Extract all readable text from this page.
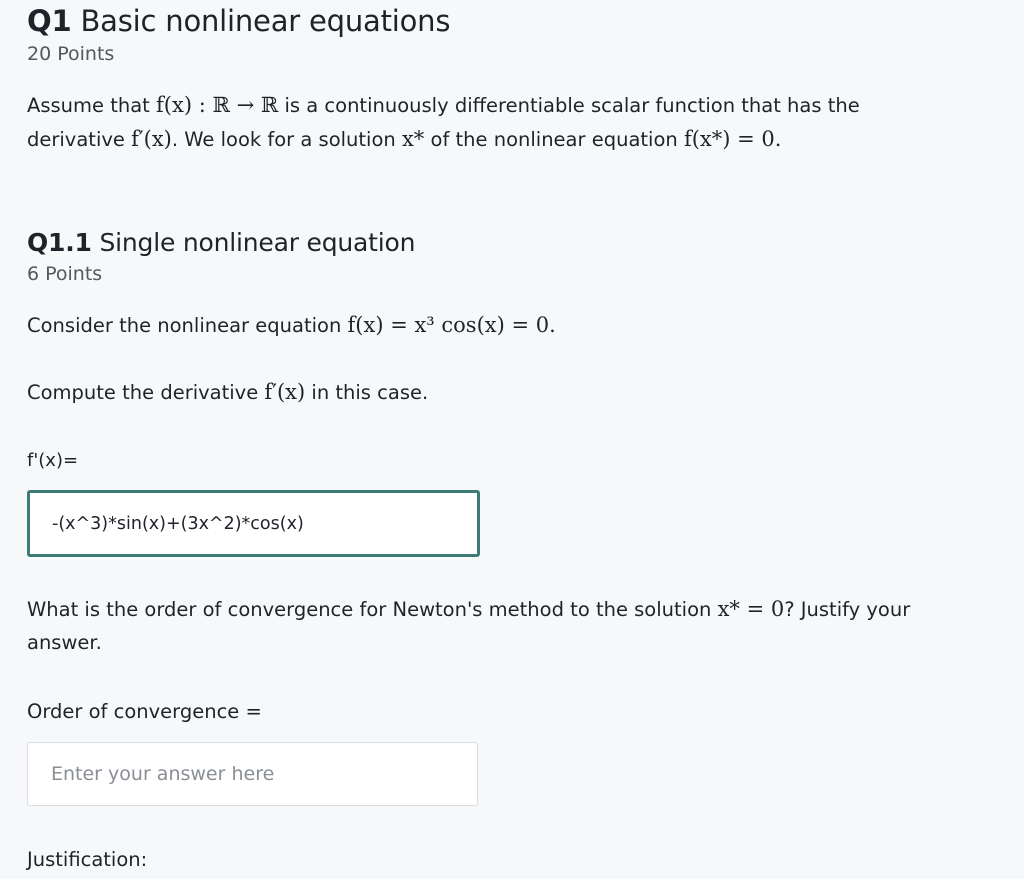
Q1 Basic nonlinear equations
20 Points
Assume that f(x) : ℝ → ℝ is a continuously differentiable scalar function that has the
derivative f′(x). We look for a solution x* of the nonlinear equation f(x*) = 0.
Q1.1 Single nonlinear equation
6 Points
Consider the nonlinear equation f(x) = x³ cos(x) = 0.
Compute the derivative f′(x) in this case.
f'(x)=
-(x^3)*sin(x)+(3x^2)*cos(x)
What is the order of convergence for Newton's method to the solution x* = 0? Justify your
answer.
Order of convergence =
Enter your answer here
Justification:
